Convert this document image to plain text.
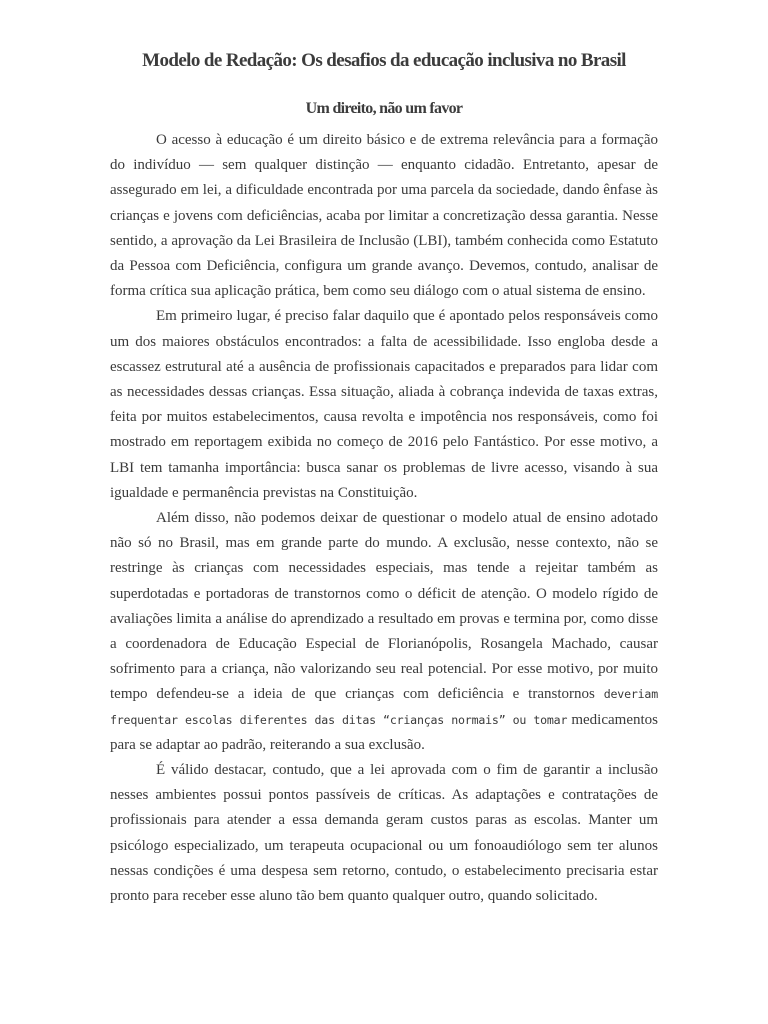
Modelo de Redação: Os desafios da educação inclusiva no Brasil
Um direito, não um favor

O acesso à educação é um direito básico e de extrema relevância para a formação do indivíduo — sem qualquer distinção — enquanto cidadão. Entretanto, apesar de assegurado em lei, a dificuldade encontrada por uma parcela da sociedade, dando ênfase às crianças e jovens com deficiências, acaba por limitar a concretização dessa garantia. Nesse sentido, a aprovação da Lei Brasileira de Inclusão (LBI), também conhecida como Estatuto da Pessoa com Deficiência, configura um grande avanço. Devemos, contudo, analisar de forma crítica sua aplicação prática, bem como seu diálogo com o atual sistema de ensino.

Em primeiro lugar, é preciso falar daquilo que é apontado pelos responsáveis como um dos maiores obstáculos encontrados: a falta de acessibilidade. Isso engloba desde a escassez estrutural até a ausência de profissionais capacitados e preparados para lidar com as necessidades dessas crianças. Essa situação, aliada à cobrança indevida de taxas extras, feita por muitos estabelecimentos, causa revolta e impotência nos responsáveis, como foi mostrado em reportagem exibida no começo de 2016 pelo Fantástico. Por esse motivo, a LBI tem tamanha importância: busca sanar os problemas de livre acesso, visando à sua igualdade e permanência previstas na Constituição.

Além disso, não podemos deixar de questionar o modelo atual de ensino adotado não só no Brasil, mas em grande parte do mundo. A exclusão, nesse contexto, não se restringe às crianças com necessidades especiais, mas tende a rejeitar também as superdotadas e portadoras de transtornos como o déficit de atenção. O modelo rígido de avaliações limita a análise do aprendizado a resultado em provas e termina por, como disse a coordenadora de Educação Especial de Florianópolis, Rosangela Machado, causar sofrimento para a criança, não valorizando seu real potencial. Por esse motivo, por muito tempo defendeu-se a ideia de que crianças com deficiência e transtornos deveriam frequentar escolas diferentes das ditas “crianças normais” ou tomar medicamentos para se adaptar ao padrão, reiterando a sua exclusão.

É válido destacar, contudo, que a lei aprovada com o fim de garantir a inclusão nesses ambientes possui pontos passíveis de críticas. As adaptações e contratações de profissionais para atender a essa demanda geram custos paras as escolas. Manter um psicólogo especializado, um terapeuta ocupacional ou um fonoaudiólogo sem ter alunos nessas condições é uma despesa sem retorno, contudo, o estabelecimento precisaria estar pronto para receber esse aluno tão bem quanto qualquer outro, quando solicitado.
